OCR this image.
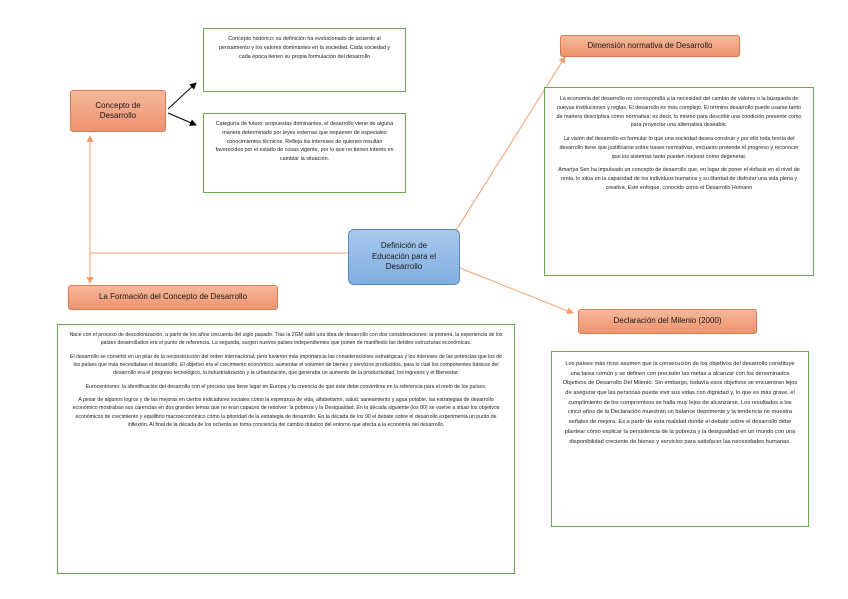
Concepto de Desarrollo
Concepto histórico: su definición ha evolucionado de acuerdo al pensamiento y los valores dominantes en la sociedad. Cada sociedad y cada época tienen su propia formulación del desarrollo
Categoría de futuro: propuestas dominantes, el desarrollo viene de alguna manera determinado por leyes externas que requieren de especiales conocimientos técnicos. Refleja los intereses de quienes resultan favorecidos por el estado de cosas vigente, por lo que no tienen interés en cambiar la situación.
Definición de Educación para el Desarrollo
Dimensión normativa de Desarrollo

La economía del desarrollo no correspondía a la necesidad del cambio de valores o la búsqueda de nuevas instituciones y reglas. El desarrollo es más complejo. El término desarrollo puede usarse tanto de manera descriptiva como normativa; es decir, lo mismo para describir una condición presente como para proyectar una alternativa deseable.

La visión del desarrollo es formular lo que una sociedad desea construir y por ello toda teoría del desarrollo tiene que justificarse sobre bases normativas, encuanto pretende el progreso y reconocer que los sistemas tanto pueden mejorar como degenerar.

Amartya Sen ha impulsado un concepto de desarrollo que, en lugar de poner el énfasis en el nivel de renta, lo sitúa en la capacidad de los individuos humanos y su libertad de disfrutar una vida plena y creativa. Este enfoque, conocido como el Desarrollo Humano

La Formación del Concepto de Desarrollo

Nace con el proceso de descolonización, a partir de los años cincuenta del siglo pasado. Tras la 2GM salió una idea de desarrollo con dos consideraciones: la primera, la experiencia de los países desarrollados era el punto de referencia. La segunda, surgen nuevos países independientes que ponen de manifiesto las debiles estructuras económicas.

El desarrollo se convirtió en un pilar de la reconstrucción del orden internacional, pero tuvieron más importancia las consideraciones estratégicas y los intereses de las potencias que los de los países que más necesitaban el desarrollo. El objetivo era el crecimiento económico, aumentar el volumen de bienes y servicios producidos, para lo cual los componentes básicos del desarrollo era el progreso tecnológico, la industrialización y la urbanización, que generaba un aumento de la productividad, los ingresos y el Bienestar.

Eurocentrismo: la identificación del desarrollo con el proceso que tiene lugar en Europa y la creencia de que éste debe convertirse en la referencia para el resto de los países.

A pesar de algunos logros y de las mejoras en ciertos indicadores sociales como la esperanza de vida, alfabetismo, salud, saneamiento y agua potable, las estrategias de desarrollo económico mostraban sus carencias en dos grandes temas que no eran capaces de resolver: la pobreza y la Desigualdad. En la década siguiente (los 80) se vuelve a situar los objetivos económicos de crecimiento y equilibrio macroeconómico como la prioridad de la estrategia de desarrollo. En la década de los 90 el debate sobre el desarrollo experimenta un punto de inflexión. Al final de la década de los ochenta se toma conciencia del cambio drástico del entorno que afecta a la economía del desarrollo.

Declaración del Milenio (2000)
Los países más ricos asumen que la consecución de los objetivos del desarrollo constituye una tarea común y se definen con precisión las metas a alcanzar con los denominados Objetivos de Desarrollo Del Milenio. Sin embargo, todavía esos objetivos se encuentran lejos de asegurar que las personas pueda vivir sus vidas con dignidad y, lo que es más grave, el cumplimiento de los compromisos se halla muy lejos de alcanzarse. Los resultados a los cinco años de la Declaración muestran un balance deprimente y la tendencia no muestra señales de mejora. Es a partir de esta realidad donde el debate sobre el desarrollo debe plantear cómo explicar la persistencia de la pobreza y la desigualdad en un mundo con una disponibilidad creciente de bienes y servicios para satisfacer las necesidades humanas.
